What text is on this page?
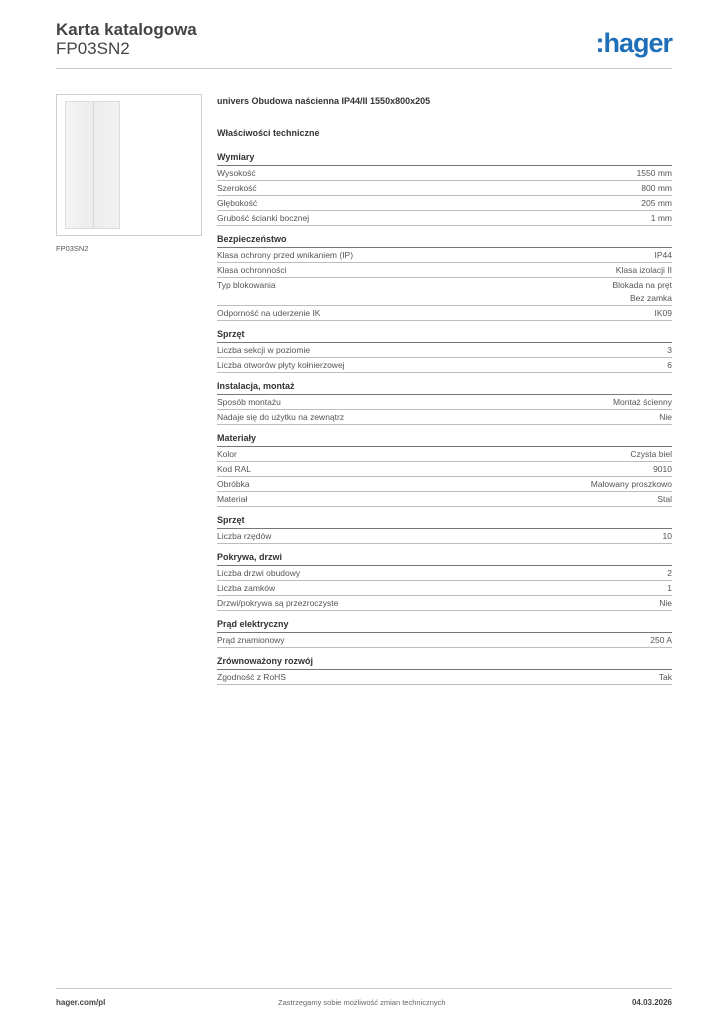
Karta katalogowa
FP03SN2	:hager
FP03SN2
univers Obudowa naścienna IP44/II 1550x800x205
Właściwości techniczne
Wymiary
Wysokość	1550 mm
Szerokość	800 mm
Głębokość	205 mm
Grubość ścianki bocznej	1 mm
Bezpieczeństwo
Klasa ochrony przed wnikaniem (IP)	IP44
Klasa ochronności	Klasa izolacji II
Typ blokowania	Blokada na pręt
Bez zamka
Odporność na uderzenie IK	IK09
Sprzęt
Liczba sekcji w poziomie	3
Liczba otworów płyty kołnierzowej	6
Instalacja, montaż
Sposób montażu	Montaż ścienny
Nadaje się do użytku na zewnątrz	Nie
Materiały
Kolor	Czysta biel
Kod RAL	9010
Obróbka	Malowany proszkowo
Materiał	Stal
Sprzęt
Liczba rzędów	10
Pokrywa, drzwi
Liczba drzwi obudowy	2
Liczba zamków	1
Drzwi/pokrywa są przezroczyste	Nie
Prąd elektryczny
Prąd znamionowy	250 A
Zrównoważony rozwój
Zgodność z RoHS	Tak
hager.com/pl	Zastrzegamy sobie możliwość zmian technicznych	04.03.2026
